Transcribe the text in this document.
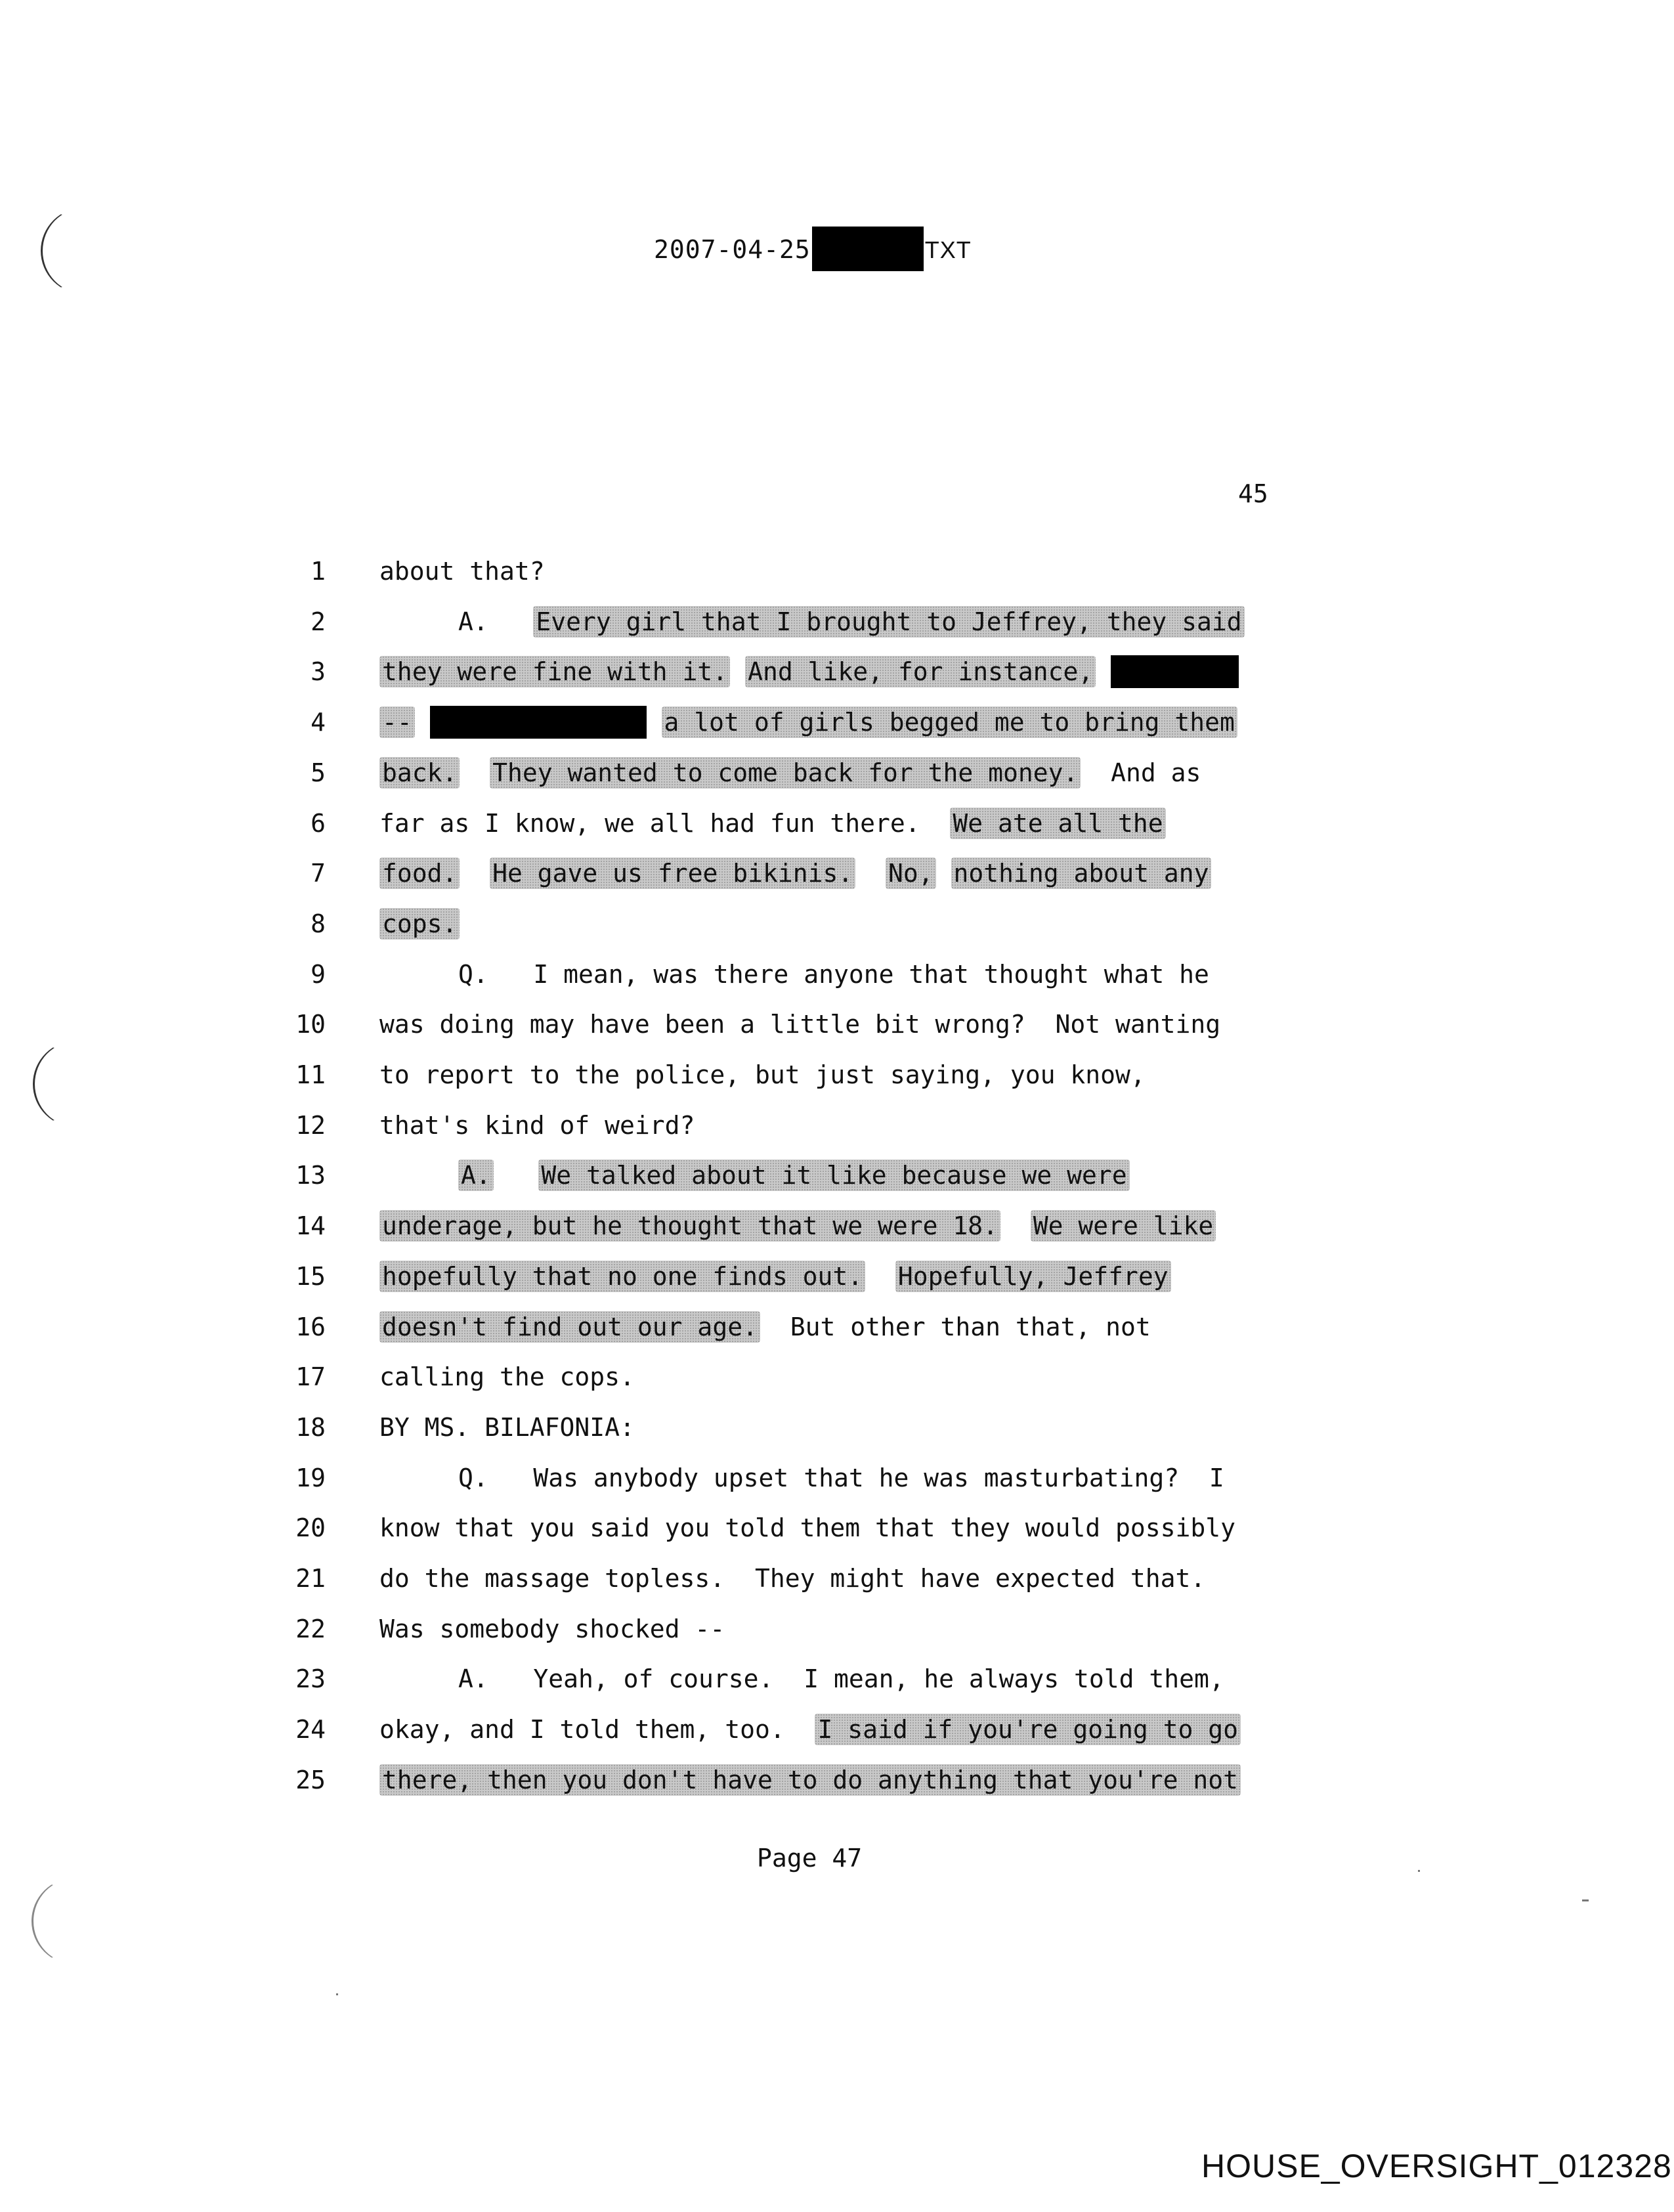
2007-04-25	TXT
45
1 about that?
2	A.   Every girl that I brought to Jeffrey, they said
3 they were fine with it. And like, for instance,
4 --	a lot of girls begged me to bring them
5 back. They wanted to come back for the money.  And as
6 far as I know, we all had fun there.  We ate all the
7 food. He gave us free bikinis. No, nothing about any
8 cops.
9	Q.   I mean, was there anyone that thought what he
10 was doing may have been a little bit wrong?  Not wanting
11 to report to the police, but just saying, you know,
12 that's kind of weird?
13	A. We talked about it like because we were
14 underage, but he thought that we were 18. We were like
15 hopefully that no one finds out. Hopefully, Jeffrey
16 doesn't find out our age.  But other than that, not
17 calling the cops.
18 BY MS. BILAFONIA:
19	Q.   Was anybody upset that he was masturbating?  I
20 know that you said you told them that they would possibly
21 do the massage topless.  They might have expected that.
22 Was somebody shocked --
23	A.   Yeah, of course.  I mean, he always told them,
24 okay, and I told them, too.  I said if you're going to go
25 there, then you don't have to do anything that you're not
Page 47
HOUSE_OVERSIGHT_012328
